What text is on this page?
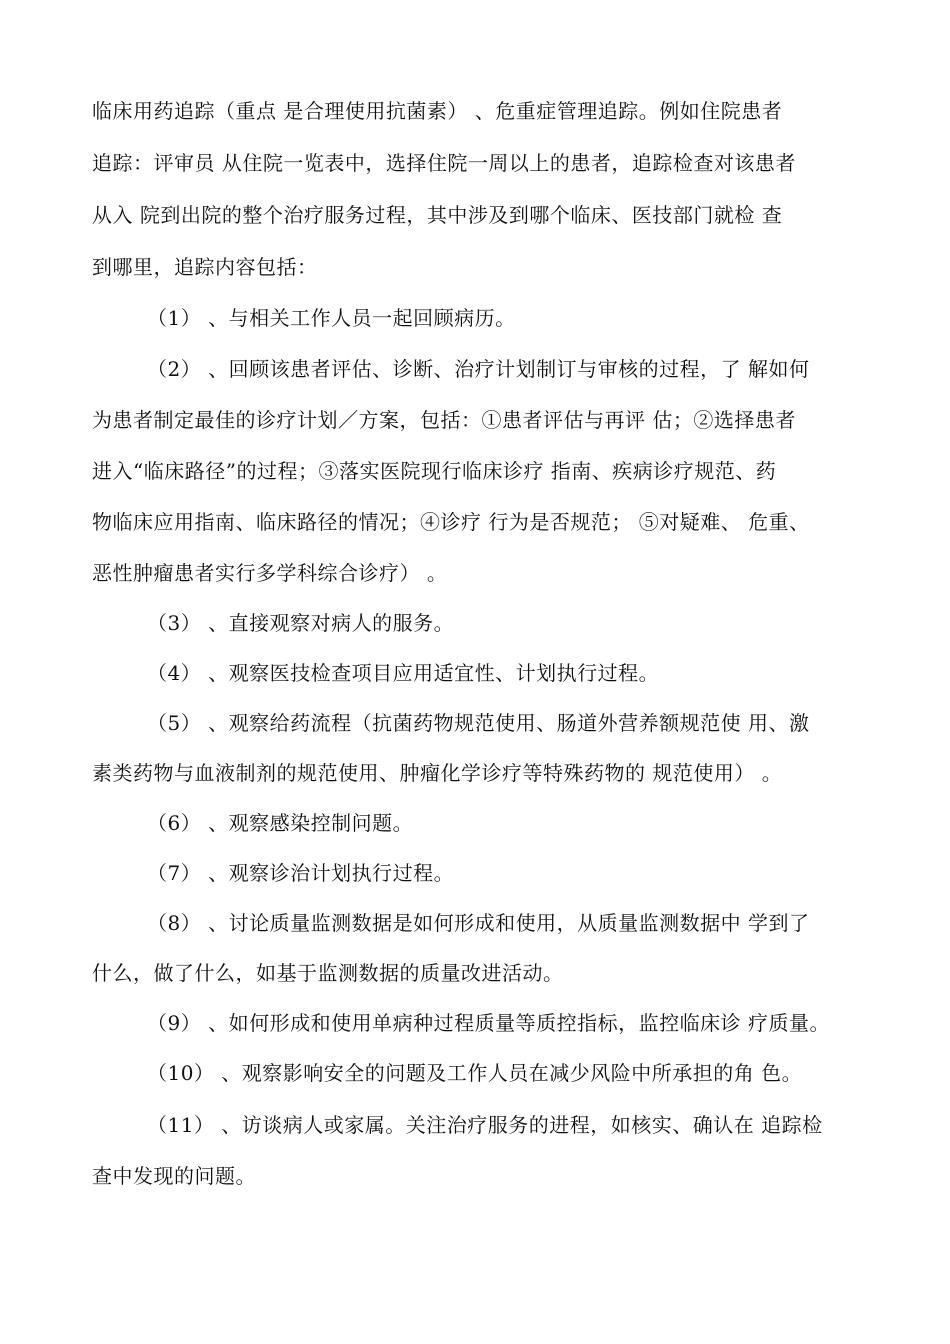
临床用药追踪（重点 是合理使用抗菌素） 、危重症管理追踪。例如住院患者
追踪：评审员 从住院一览表中，选择住院一周以上的患者，追踪检查对该患者
从入 院到出院的整个治疗服务过程，其中涉及到哪个临床、医技部门就检 查
到哪里，追踪内容包括：
（1） 、与相关工作人员一起回顾病历。
（2） 、回顾该患者评估、诊断、治疗计划制订与审核的过程，了 解如何
为患者制定最佳的诊疗计划／方案，包括：①患者评估与再评 估；②选择患者
进入“临床路径”的过程；③落实医院现行临床诊疗 指南、疾病诊疗规范、药
物临床应用指南、临床路径的情况；④诊疗 行为是否规范； ⑤对疑难、 危重、
恶性肿瘤患者实行多学科综合诊疗） 。
（3） 、直接观察对病人的服务。
（4） 、观察医技检查项目应用适宜性、计划执行过程。
（5） 、观察给药流程（抗菌药物规范使用、肠道外营养额规范使 用、激
素类药物与血液制剂的规范使用、肿瘤化学诊疗等特殊药物的 规范使用） 。
（6） 、观察感染控制问题。
（7） 、观察诊治计划执行过程。
（8） 、讨论质量监测数据是如何形成和使用，从质量监测数据中 学到了
什么，做了什么，如基于监测数据的质量改进活动。
（9） 、如何形成和使用单病种过程质量等质控指标，监控临床诊 疗质量。
（10） 、观察影响安全的问题及工作人员在减少风险中所承担的角 色。
（11） 、访谈病人或家属。关注治疗服务的进程，如核实、确认在 追踪检
查中发现的问题。
